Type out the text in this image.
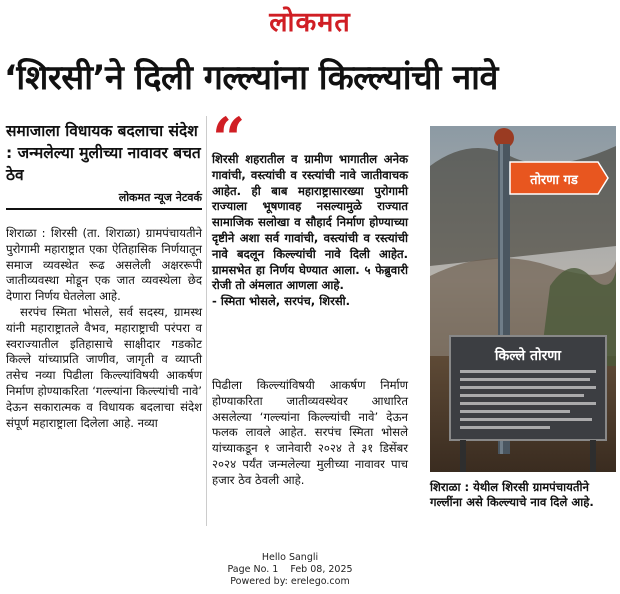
लोकमत
‘शिरसी’ने दिली गल्ल्यांना किल्ल्यांची नावे
समाजाला विधायक बदलाचा संदेश : जन्मलेल्या मुलीच्या नावावर बचत ठेव
लोकमत न्यूज नेटवर्क

शिराळा : शिरसी (ता. शिराळा) ग्रामपंचायतीने पुरोगामी महाराष्ट्रात एका ऐतिहासिक निर्णयातून समाज व्यवस्थेत रूढ असलेली अक्षररूपी जातीव्यवस्था मोडून एक जात व्यवस्थेला छेद देणारा निर्णय घेतलेला आहे.

सरपंच स्मिता भोसले, सर्व सदस्य, ग्रामस्थ यांनी महाराष्ट्रातले वैभव, महाराष्ट्राची परंपरा व स्वराज्यातील इतिहासाचे साक्षीदार गडकोट किल्ले यांच्याप्रति जाणीव, जागृती व व्याप्ती तसेच नव्या पिढीला किल्ल्यांविषयी आकर्षण निर्माण होण्याकरिता ‘गल्ल्यांना किल्ल्यांची नावे’ देऊन सकारात्मक व विधायक बदलाचा संदेश संपूर्ण महाराष्ट्राला दिलेला आहे. नव्या

“

शिरसी शहरातील व ग्रामीण भागातील अनेक गावांची, वस्त्यांची व रस्त्यांची नावे जातीवाचक आहेत. ही बाब महाराष्ट्रासारख्या पुरोगामी राज्याला भूषणावह नसल्यामुळे राज्यात सामाजिक सलोखा व सौहार्द निर्माण होण्याच्या दृष्टीने अशा सर्व गावांची, वस्त्यांची व रस्त्यांची नावे बदलून किल्ल्यांची नावे दिली आहेत. ग्रामसभेत हा निर्णय घेण्यात आला. ५ फेब्रुवारी रोजी तो अंमलात आणला आहे.

- स्मिता भोसले, सरपंच, शिरसी.

पिढीला किल्ल्यांविषयी आकर्षण निर्माण होण्याकरिता जातीव्यवस्थेवर आधारित असलेल्या ‘गल्ल्यांना किल्ल्यांची नावे’ देऊन फलक लावले आहेत. सरपंच स्मिता भोसले यांच्याकडून १ जानेवारी २०२४ ते ३१ डिसेंबर २०२४ पर्यंत जन्मलेल्या मुलीच्या नावावर पाच हजार ठेव ठेवली आहे.

तोरणा गड
किल्ले तोरणा
शिराळा : येथील शिरसी ग्रामपंचायतीने गल्लींना असे किल्ल्याचे नाव दिले आहे.
Hello Sangli
Page No. 1    Feb 08, 2025
Powered by: erelego.com
